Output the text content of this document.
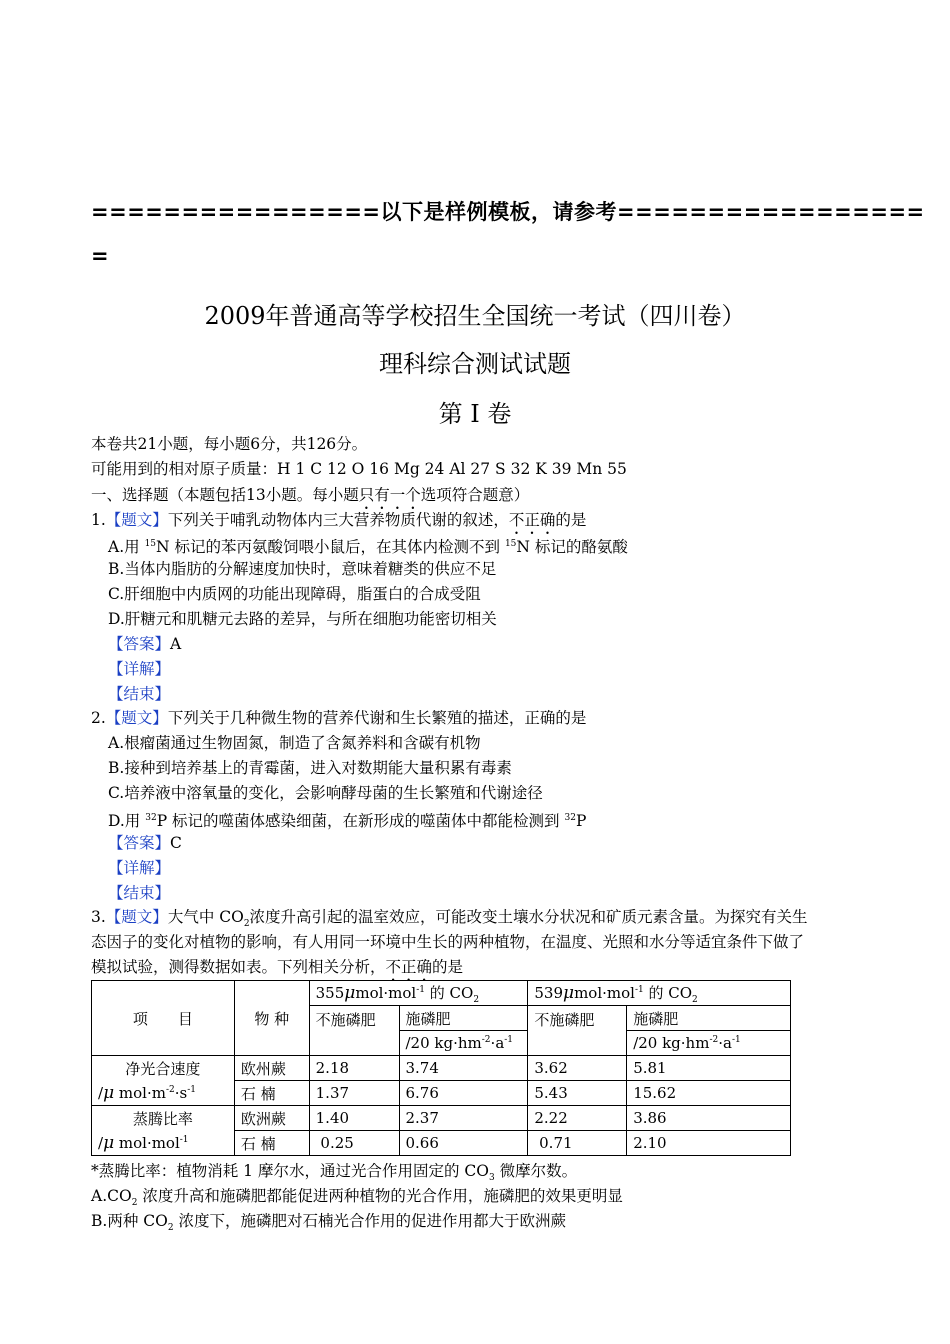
================以下是样例模板，请参考=================
=
2009年普通高等学校招生全国统一考试（四川卷）
理科综合测试试题
第 I 卷
本卷共21小题，每小题6分，共126分。
可能用到的相对原子质量：H 1 C 12 O 16 Mg 24 Al 27 S 32 K 39 Mn 55
一、选择题（本题包括13小题。每小题只有一个选项符合题意）
1.【题文】下列关于哺乳动物体内三大营养物质代谢的叙述，不正确的是
A.用 $^{15}$N 标记的苯丙氨酸饲喂小鼠后，在其体内检测不到 $^{15}$N 标记的酪氨酸
B.当体内脂肪的分解速度加快时，意味着糖类的供应不足
C.肝细胞中内质网的功能出现障碍，脂蛋白的合成受阻
D.肝糖元和肌糖元去路的差异，与所在细胞功能密切相关
【答案】A
【详解】
【结束】
2.【题文】下列关于几种微生物的营养代谢和生长繁殖的描述，正确的是
A.根瘤菌通过生物固氮，制造了含氮养料和含碳有机物
B.接种到培养基上的青霉菌，进入对数期能大量积累有毒素
C.培养液中溶氧量的变化，会影响酵母菌的生长繁殖和代谢途径
D.用 $^{32}$P 标记的噬菌体感染细菌，在新形成的噬菌体中都能检测到 $^{32}$P
【答案】C
【详解】
【结束】
3.【题文】大气中 $CO_2$浓度升高引起的温室效应，可能改变土壤水分状况和矿质元素含量。为探究有关生
态因子的变化对植物的影响，有人用同一环境中生长的两种植物，在温度、光照和水分等适宜条件下做了
模拟试验，测得数据如表。下列相关分析，不正确的是
项　　目	物 种	355μmol·mol$^{-1}$ 的 $CO_2$		539μmol·mol$^{-1}$ 的 $CO_2$
		不施磷肥	施磷肥	不施磷肥	施磷肥
			/20 $kg\cdot hm^{-2}\cdot a^{-1}$		/20 $kg\cdot hm^{-2}\cdot a^{-1}$
净光合速度	欧州蕨	2.18	3.74	3.62	5.81
/μ $mol\cdot m^{-2}\cdot s^{-1}$	石 楠	1.37	6.76	5.43	15.62
蒸腾比率	欧洲蕨	1.40	2.37	2.22	3.86
/μ mol·mol$^{-1}$	石 楠	0.25	0.66	0.71	2.10
*蒸腾比率：植物消耗 1 摩尔水，通过光合作用固定的 $CO_3$ 微摩尔数。
$A.CO_2$ 浓度升高和施磷肥都能促进两种植物的光合作用，施磷肥的效果更明显
B.两种 $CO_2$ 浓度下，施磷肥对石楠光合作用的促进作用都大于欧洲蕨
